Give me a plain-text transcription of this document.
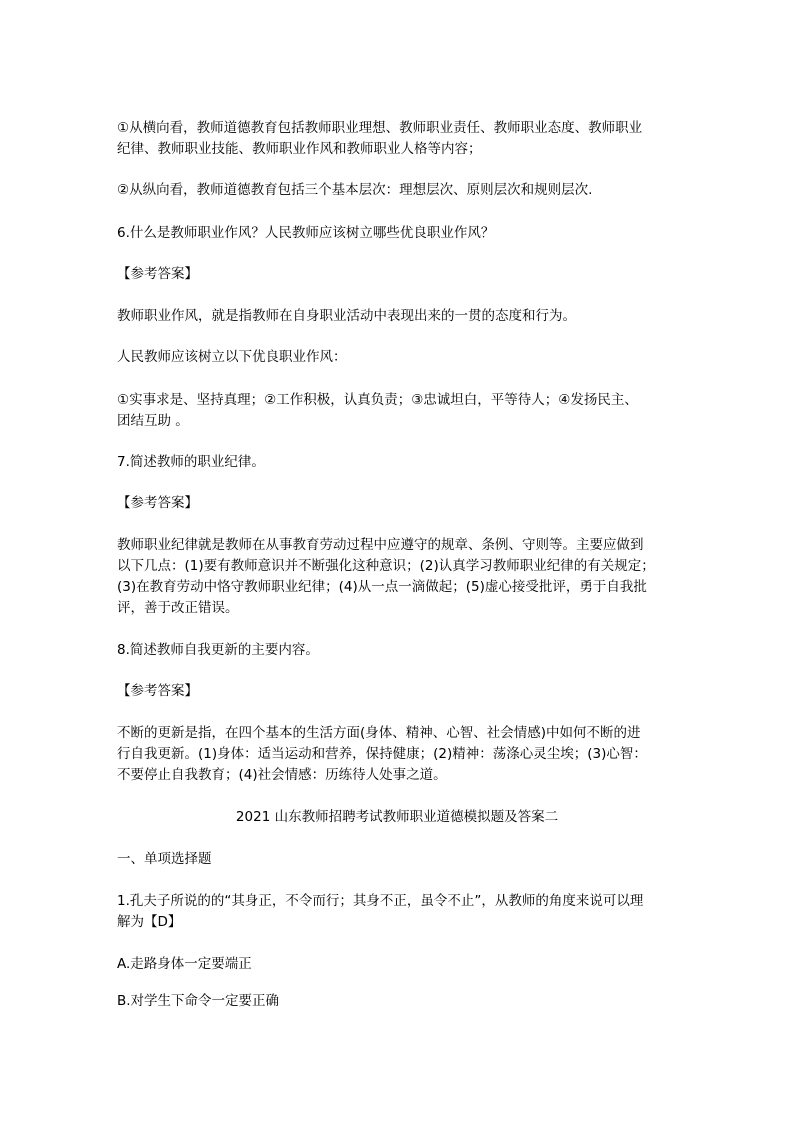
①从横向看，教师道德教育包括教师职业理想、教师职业责任、教师职业态度、教师职业
纪律、教师职业技能、教师职业作风和教师职业人格等内容；
②从纵向看，教师道德教育包括三个基本层次：理想层次、原则层次和规则层次.
6.什么是教师职业作风？人民教师应该树立哪些优良职业作风？
【参考答案】
教师职业作风，就是指教师在自身职业活动中表现出来的一贯的态度和行为。
人民教师应该树立以下优良职业作风：
①实事求是、坚持真理；②工作积极，认真负责；③忠诚坦白，平等待人；④发扬民主、
团结互助 。
7.简述教师的职业纪律。
【参考答案】
教师职业纪律就是教师在从事教育劳动过程中应遵守的规章、条例、守则等。主要应做到
以下几点：(1)要有教师意识并不断强化这种意识；(2)认真学习教师职业纪律的有关规定；
(3)在教育劳动中恪守教师职业纪律；(4)从一点一滴做起；(5)虚心接受批评，勇于自我批
评，善于改正错误。
8.简述教师自我更新的主要内容。
【参考答案】
不断的更新是指，在四个基本的生活方面(身体、精神、心智、社会情感)中如何不断的进
行自我更新。(1)身体：适当运动和营养，保持健康；(2)精神：荡涤心灵尘埃；(3)心智：
不要停止自我教育；(4)社会情感：历练待人处事之道。
2021 山东教师招聘考试教师职业道德模拟题及答案二
一、单项选择题
1.孔夫子所说的的“其身正，不令而行；其身不正，虽令不止”，从教师的角度来说可以理
解为【D】
A.走路身体一定要端正
B.对学生下命令一定要正确
